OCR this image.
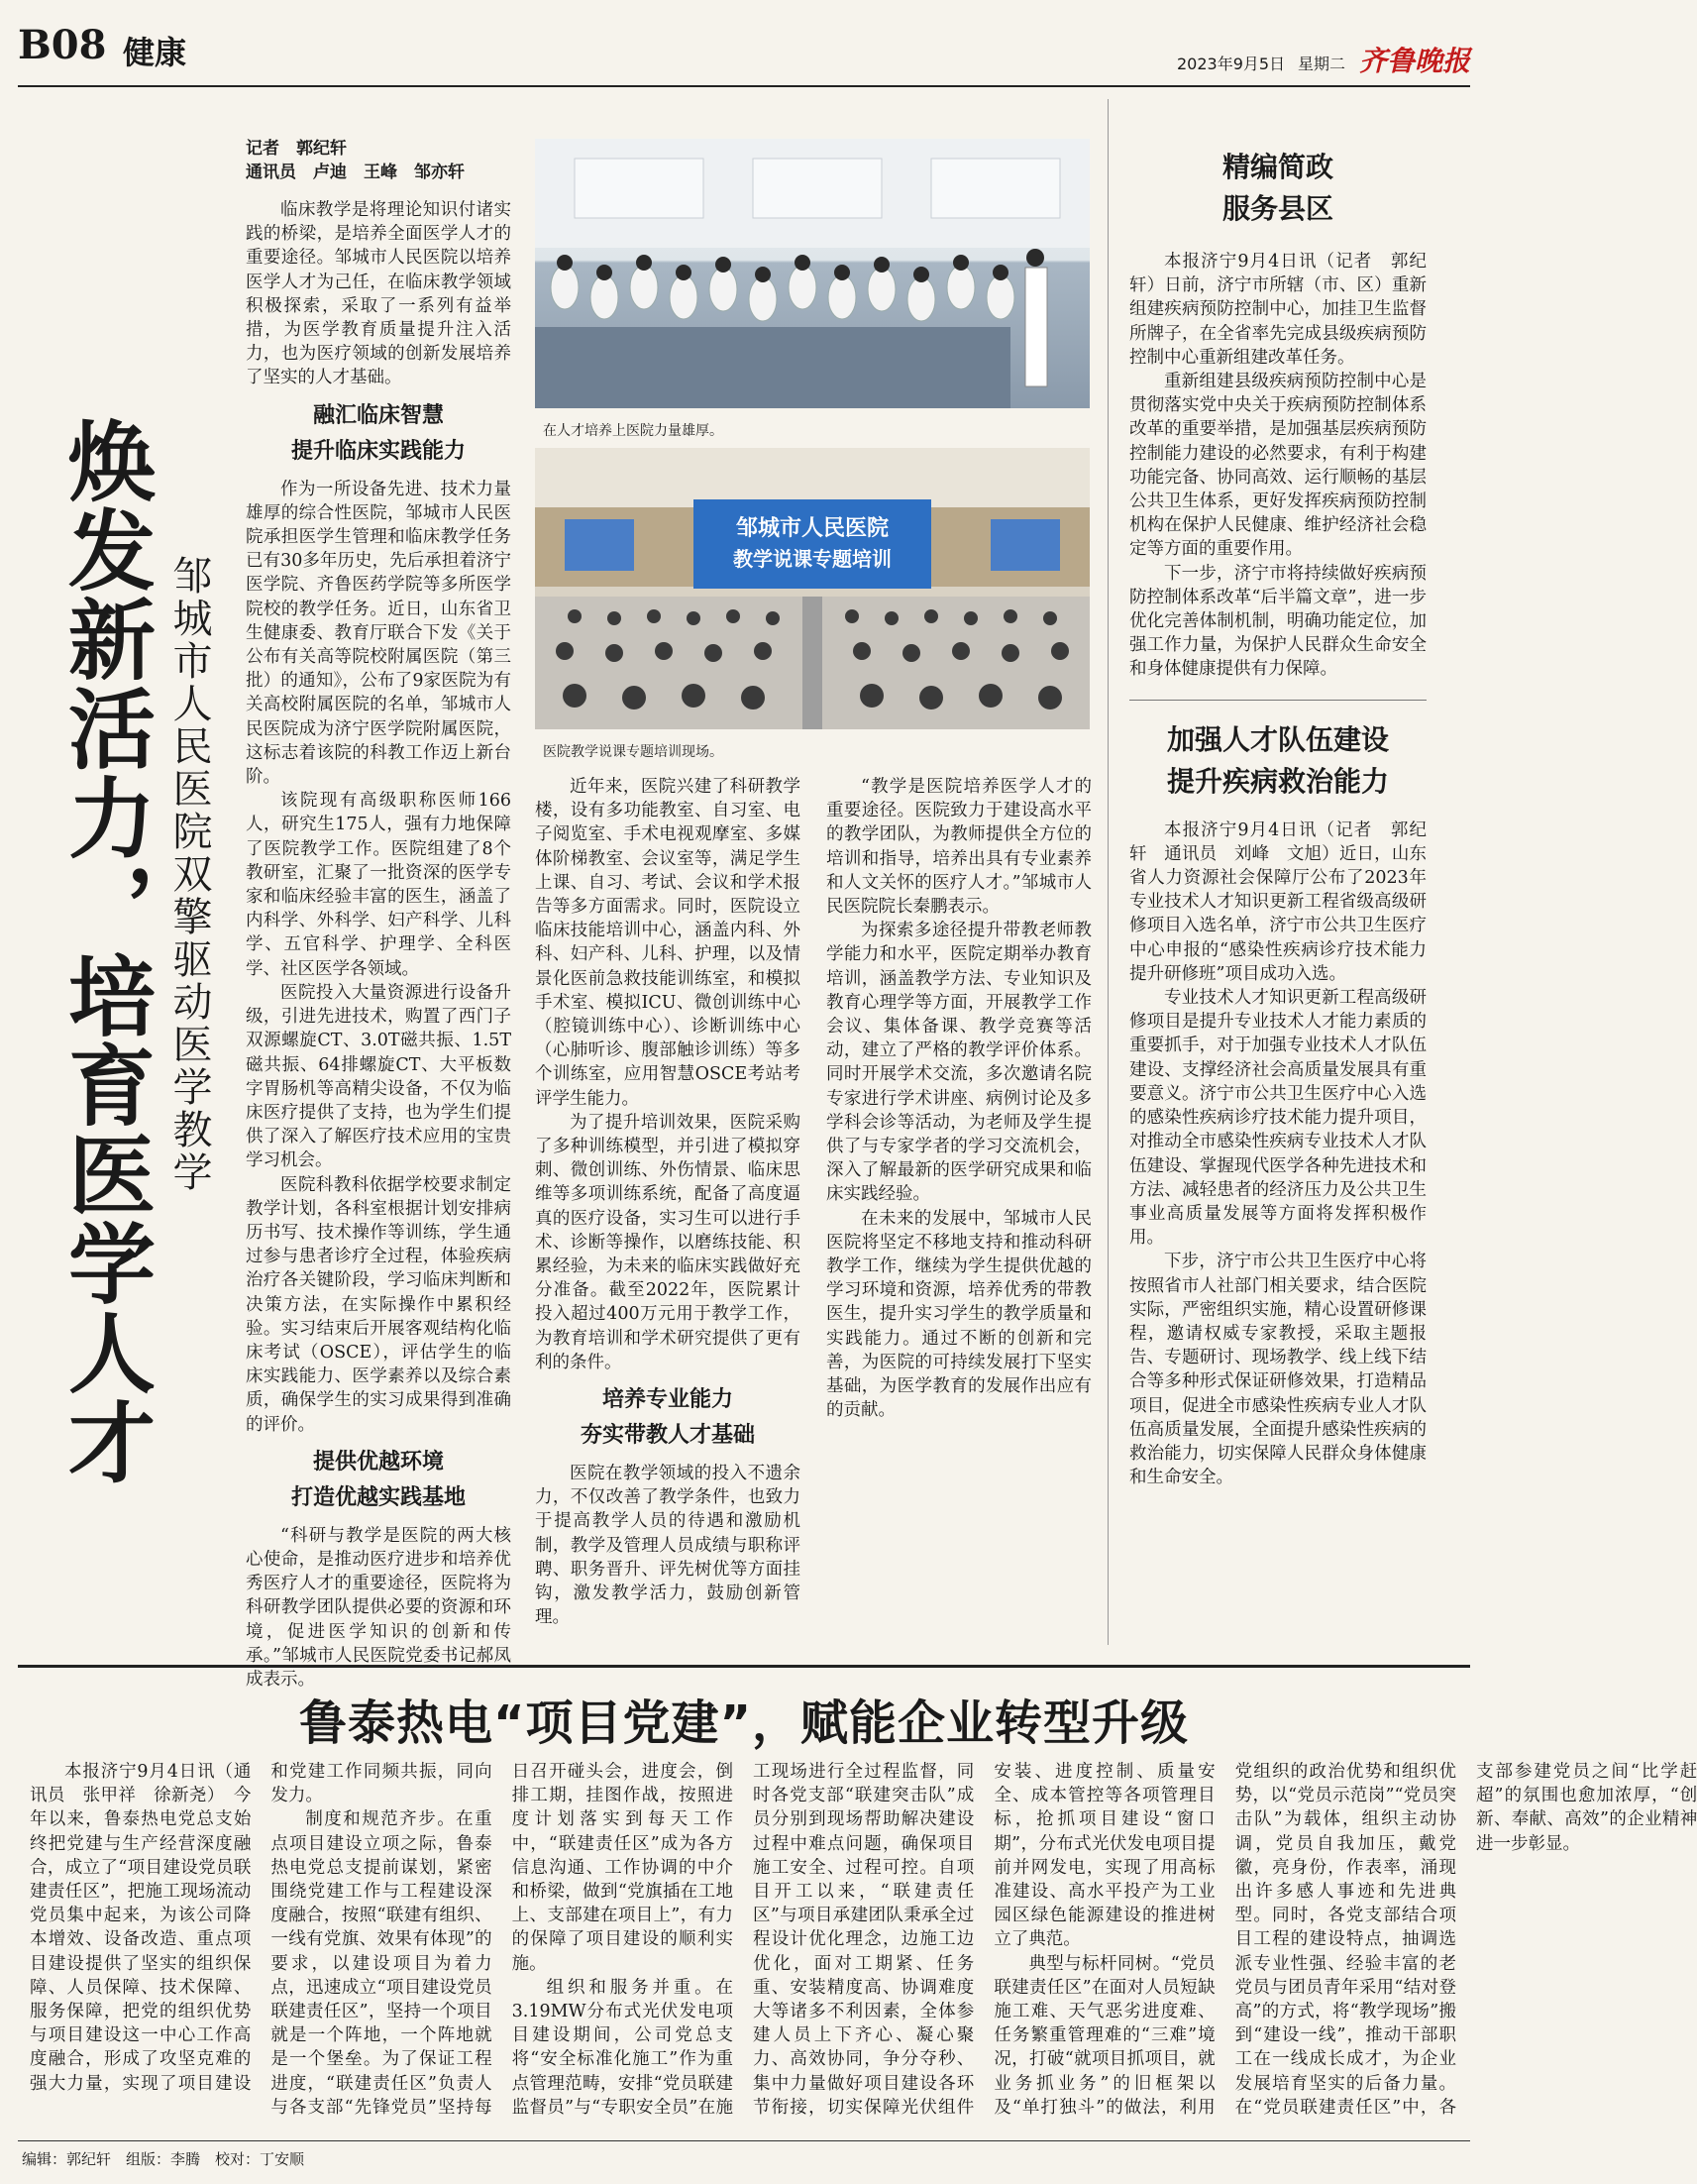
B08 健康	2023年9月5日 星期二 齐鲁晚报
焕发新活力，培育医学人才 邹城市人民医院双擎驱动医学教学
记者　郭纪轩
通讯员　卢迪　王峰　邹亦轩

临床教学是将理论知识付诸实践的桥梁，是培养全面医学人才的重要途径。邹城市人民医院以培养医学人才为己任，在临床教学领域积极探索，采取了一系列有益举措，为医学教育质量提升注入活力，也为医疗领域的创新发展培养了坚实的人才基础。

融汇临床智慧
提升临床实践能力

作为一所设备先进、技术力量雄厚的综合性医院，邹城市人民医院承担医学生管理和临床教学任务已有30多年历史，先后承担着济宁医学院、齐鲁医药学院等多所医学院校的教学任务。近日，山东省卫生健康委、教育厅联合下发《关于公布有关高等院校附属医院（第三批）的通知》，公布了9家医院为有关高校附属医院的名单，邹城市人民医院成为济宁医学院附属医院，这标志着该院的科教工作迈上新台阶。

该院现有高级职称医师166人，研究生175人，强有力地保障了医院教学工作。医院组建了8个教研室，汇聚了一批资深的医学专家和临床经验丰富的医生，涵盖了内科学、外科学、妇产科学、儿科学、五官科学、护理学、全科医学、社区医学各领域。

医院投入大量资源进行设备升级，引进先进技术，购置了西门子双源螺旋CT、3.0T磁共振、1.5T磁共振、64排螺旋CT、大平板数字胃肠机等高精尖设备，不仅为临床医疗提供了支持，也为学生们提供了深入了解医疗技术应用的宝贵学习机会。

医院科教科依据学校要求制定教学计划，各科室根据计划安排病历书写、技术操作等训练，学生通过参与患者诊疗全过程，体验疾病治疗各关键阶段，学习临床判断和决策方法，在实际操作中累积经验。实习结束后开展客观结构化临床考试（OSCE），评估学生的临床实践能力、医学素养以及综合素质，确保学生的实习成果得到准确的评价。

提供优越环境
打造优越实践基地

“科研与教学是医院的两大核心使命，是推动医疗进步和培养优秀医疗人才的重要途径，医院将为科研教学团队提供必要的资源和环境，促进医学知识的创新和传承。”邹城市人民医院党委书记郝凤成表示。

在人才培养上医院力量雄厚。
邹城市人民医院
教学说课专题培训
医院教学说课专题培训现场。

近年来，医院兴建了科研教学楼，设有多功能教室、自习室、电子阅览室、手术电视观摩室、多媒体阶梯教室、会议室等，满足学生上课、自习、考试、会议和学术报告等多方面需求。同时，医院设立临床技能培训中心，涵盖内科、外科、妇产科、儿科、护理，以及情景化医前急救技能训练室，和模拟手术室、模拟ICU、微创训练中心（腔镜训练中心）、诊断训练中心（心肺听诊、腹部触诊训练）等多个训练室，应用智慧OSCE考站考评学生能力。

为了提升培训效果，医院采购了多种训练模型，并引进了模拟穿刺、微创训练、外伤情景、临床思维等多项训练系统，配备了高度逼真的医疗设备，实习生可以进行手术、诊断等操作，以磨练技能、积累经验，为未来的临床实践做好充分准备。截至2022年，医院累计投入超过400万元用于教学工作，为教育培训和学术研究提供了更有利的条件。

培养专业能力
夯实带教人才基础

医院在教学领域的投入不遗余力，不仅改善了教学条件，也致力于提高教学人员的待遇和激励机制，教学及管理人员成绩与职称评聘、职务晋升、评先树优等方面挂钩，激发教学活力，鼓励创新管理。

“教学是医院培养医学人才的重要途径。医院致力于建设高水平的教学团队，为教师提供全方位的培训和指导，培养出具有专业素养和人文关怀的医疗人才。”邹城市人民医院院长秦鹏表示。

为探索多途径提升带教老师教学能力和水平，医院定期举办教育培训，涵盖教学方法、专业知识及教育心理学等方面，开展教学工作会议、集体备课、教学竞赛等活动，建立了严格的教学评价体系。同时开展学术交流，多次邀请名院专家进行学术讲座、病例讨论及多学科会诊等活动，为老师及学生提供了与专家学者的学习交流机会，深入了解最新的医学研究成果和临床实践经验。

在未来的发展中，邹城市人民医院将坚定不移地支持和推动科研教学工作，继续为学生提供优越的学习环境和资源，培养优秀的带教医生，提升实习学生的教学质量和实践能力。通过不断的创新和完善，为医院的可持续发展打下坚实基础，为医学教育的发展作出应有的贡献。

精编简政
服务县区

本报济宁9月4日讯（记者　郭纪轩）日前，济宁市所辖（市、区）重新组建疾病预防控制中心，加挂卫生监督所牌子，在全省率先完成县级疾病预防控制中心重新组建改革任务。

重新组建县级疾病预防控制中心是贯彻落实党中央关于疾病预防控制体系改革的重要举措，是加强基层疾病预防控制能力建设的必然要求，有利于构建功能完备、协同高效、运行顺畅的基层公共卫生体系，更好发挥疾病预防控制机构在保护人民健康、维护经济社会稳定等方面的重要作用。

下一步，济宁市将持续做好疾病预防控制体系改革“后半篇文章”，进一步优化完善体制机制，明确功能定位，加强工作力量，为保护人民群众生命安全和身体健康提供有力保障。

加强人才队伍建设
提升疾病救治能力

本报济宁9月4日讯（记者　郭纪轩　通讯员　刘峰　文旭）近日，山东省人力资源社会保障厅公布了2023年专业技术人才知识更新工程省级高级研修项目入选名单，济宁市公共卫生医疗中心申报的“感染性疾病诊疗技术能力提升研修班”项目成功入选。

专业技术人才知识更新工程高级研修项目是提升专业技术人才能力素质的重要抓手，对于加强专业技术人才队伍建设、支撑经济社会高质量发展具有重要意义。济宁市公共卫生医疗中心入选的感染性疾病诊疗技术能力提升项目，对推动全市感染性疾病专业技术人才队伍建设、掌握现代医学各种先进技术和方法、减轻患者的经济压力及公共卫生事业高质量发展等方面将发挥积极作用。

下步，济宁市公共卫生医疗中心将按照省市人社部门相关要求，结合医院实际，严密组织实施，精心设置研修课程，邀请权威专家教授，采取主题报告、专题研讨、现场教学、线上线下结合等多种形式保证研修效果，打造精品项目，促进全市感染性疾病专业人才队伍高质量发展，全面提升感染性疾病的救治能力，切实保障人民群众身体健康和生命安全。

鲁泰热电“项目党建”，赋能企业转型升级

本报济宁9月4日讯（通讯员　张甲祥　徐新尧）　今年以来，鲁泰热电党总支始终把党建与生产经营深度融合，成立了“项目建设党员联建责任区”，把施工现场流动党员集中起来，为该公司降本增效、设备改造、重点项目建设提供了坚实的组织保障、人员保障、技术保障、服务保障，把党的组织优势与项目建设这一中心工作高度融合，形成了攻坚克难的强大力量，实现了项目建设和党建工作同频共振，同向发力。

制度和规范齐步。在重点项目建设立项之际，鲁泰热电党总支提前谋划，紧密围绕党建工作与工程建设深度融合，按照“联建有组织、一线有党旗、效果有体现”的要求，以建设项目为着力点，迅速成立“项目建设党员联建责任区”，坚持一个项目就是一个阵地，一个阵地就是一个堡垒。为了保证工程进度，“联建责任区”负责人与各支部“先锋党员”坚持每日召开碰头会，进度会，倒排工期，挂图作战，按照进度计划落实到每天工作中，“联建责任区”成为各方信息沟通、工作协调的中介和桥梁，做到“党旗插在工地上、支部建在项目上”，有力的保障了项目建设的顺利实施。

组织和服务并重。在3.19MW分布式光伏发电项目建设期间，公司党总支将“安全标准化施工”作为重点管理范畴，安排“党员联建监督员”与“专职安全员”在施工现场进行全过程监督，同时各党支部“联建突击队”成员分别到现场帮助解决建设过程中难点问题，确保项目施工安全、过程可控。自项目开工以来，“联建责任区”与项目承建团队秉承全过程设计优化理念，边施工边优化，面对工期紧、任务重、安装精度高、协调难度大等诸多不利因素，全体参建人员上下齐心、凝心聚力、高效协同，争分夺秒、集中力量做好项目建设各环节衔接，切实保障光伏组件安装、进度控制、质量安全、成本管控等各项管理目标，抢抓项目建设“窗口期”，分布式光伏发电项目提前并网发电，实现了用高标准建设、高水平投产为工业园区绿色能源建设的推进树立了典范。

典型与标杆同树。“党员联建责任区”在面对人员短缺施工难、天气恶劣进度难、任务繁重管理难的“三难”境况，打破“就项目抓项目，就业务抓业务”的旧框架以及“单打独斗”的做法，利用党组织的政治优势和组织优势，以“党员示范岗”“党员突击队”为载体，组织主动协调，党员自我加压，戴党徽，亮身份，作表率，涌现出许多感人事迹和先进典型。同时，各党支部结合项目工程的建设特点，抽调选派专业性强、经验丰富的老党员与团员青年采用“结对登高”的方式，将“教学现场”搬到“建设一线”，推动干部职工在一线成长成才，为企业发展培育坚实的后备力量。在“党员联建责任区”中，各支部参建党员之间“比学赶超”的氛围也愈加浓厚，“创新、奉献、高效”的企业精神进一步彰显。

编辑：郭纪轩　组版：李腾　校对：丁安顺
